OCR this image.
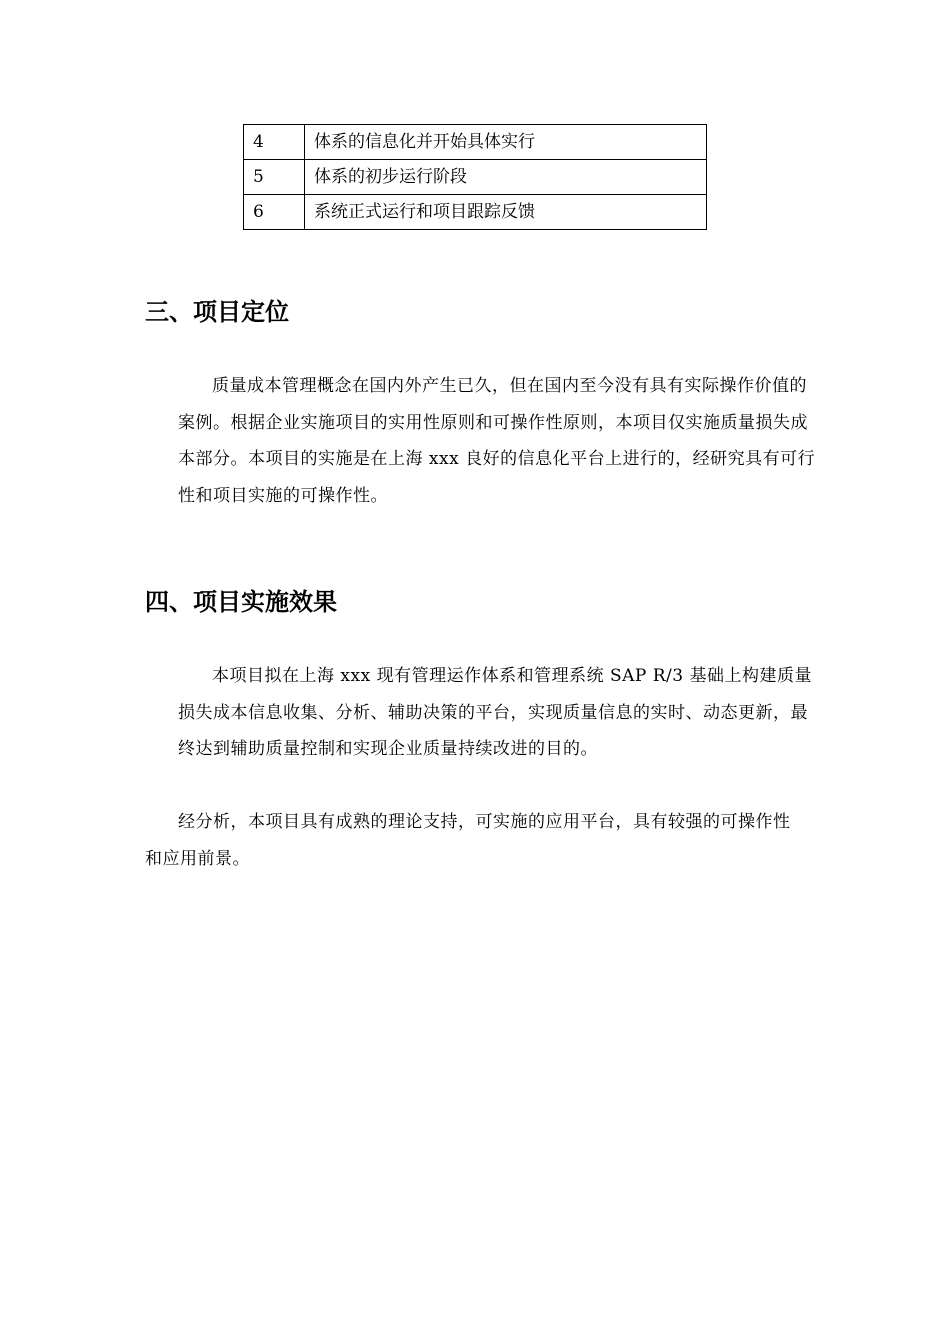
4	体系的信息化并开始具体实行
5	体系的初步运行阶段
6	系统正式运行和项目跟踪反馈
三、项目定位

质量成本管理概念在国内外产生已久，但在国内至今没有具有实际操作价值的案例。根据企业实施项目的实用性原则和可操作性原则，本项目仅实施质量损失成本部分。本项目的实施是在上海 xxx 良好的信息化平台上进行的，经研究具有可行性和项目实施的可操作性。

四、项目实施效果

本项目拟在上海 xxx 现有管理运作体系和管理系统 SAP R/3 基础上构建质量损失成本信息收集、分析、辅助决策的平台，实现质量信息的实时、动态更新，最终达到辅助质量控制和实现企业质量持续改进的目的。

经分析，本项目具有成熟的理论支持，可实施的应用平台，具有较强的可操作性和应用前景。
